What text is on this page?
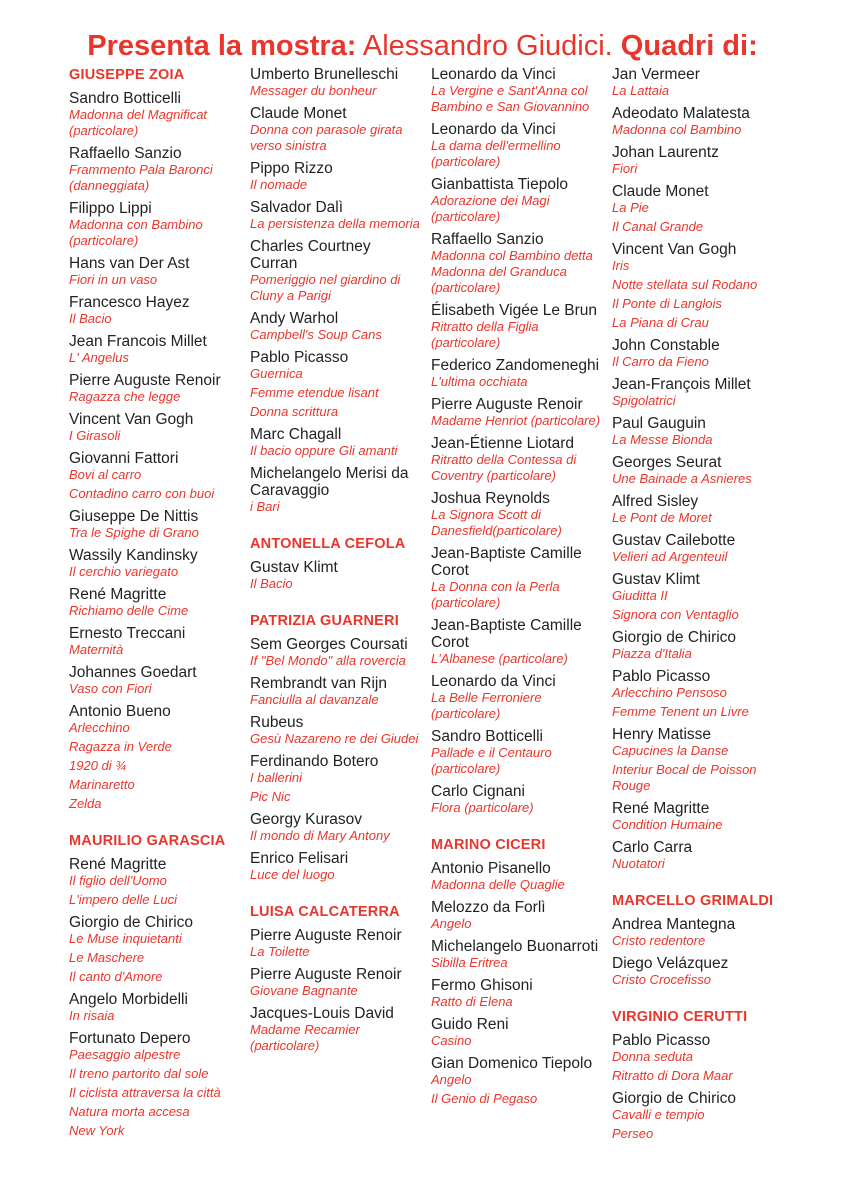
Presenta la mostra: Alessandro Giudici. Quadri di:
GIUSEPPE ZOIA
Sandro Botticelli
Madonna del Magnificat (particolare)
Raffaello Sanzio
Frammento Pala Baronci (danneggiata)
Filippo Lippi
Madonna con Bambino (particolare)
Hans van Der Ast
Fiori in un vaso
Francesco Hayez
Il Bacio
Jean Francois Millet
L' Angelus
Pierre Auguste Renoir
Ragazza che legge
Vincent Van Gogh
I Girasoli
Giovanni Fattori
Bovi al carro
Contadino carro con buoi
Giuseppe De Nittis
Tra le Spighe di Grano
Wassily Kandinsky
Il cerchio variegato
René Magritte
Richiamo delle Cime
Ernesto Treccani
Maternità
Johannes Goedart
Vaso con Fiori
Antonio Bueno
Arlecchino
Ragazza in Verde
1920 di ¾
Marinaretto
Zelda
MAURILIO GARASCIA
René Magritte
Il figlio dell'Uomo
L'impero delle Luci
Giorgio de Chirico
Le Muse inquietanti
Le Maschere
Il canto d'Amore
Angelo Morbidelli
In risaia
Fortunato Depero
Paesaggio alpestre
Il treno partorito dal sole
Il ciclista attraversa la città
Natura morta accesa
New York
Umberto Brunelleschi
Messager du bonheur
Claude Monet
Donna con parasole girata verso sinistra
Pippo Rizzo
Il nomade
Salvador Dalì
La persistenza della memoria
Charles Courtney Curran
Pomeriggio nel giardino di Cluny a Parigi
Andy Warhol
Campbell's Soup Cans
Pablo Picasso
Guernica
Femme etendue lisant
Donna scrittura
Marc Chagall
Il bacio oppure Gli amanti
Michelangelo Merisi da Caravaggio
i Bari
ANTONELLA CEFOLA
Gustav Klimt
Il Bacio
PATRIZIA GUARNERI
Sem Georges Coursati
If "Bel Mondo" alla rovercia
Rembrandt van Rijn
Fanciulla al davanzale
Rubeus
Gesù Nazareno re dei Giudei
Ferdinando Botero
I ballerini
Pic Nic
Georgy Kurasov
Il mondo di Mary Antony
Enrico Felisari
Luce del luogo
LUISA CALCATERRA
Pierre Auguste Renoir
La Toilette
Pierre Auguste Renoir
Giovane Bagnante
Jacques-Louis David
Madame Recamier (particolare)
Leonardo da Vinci
La Vergine e Sant'Anna col Bambino e San Giovannino
Leonardo da Vinci
La dama dell'ermellino (particolare)
Gianbattista Tiepolo
Adorazione dei Magi (particolare)
Raffaello Sanzio
Madonna col Bambino detta Madonna del Granduca (particolare)
Élisabeth Vigée Le Brun
Ritratto della Figlia (particolare)
Federico Zandomeneghi
L'ultima occhiata
Pierre Auguste Renoir
Madame Henriot (particolare)
Jean-Étienne Liotard
Ritratto della Contessa di Coventry (particolare)
Joshua Reynolds
La Signora Scott di Danesfield(particolare)
Jean-Baptiste Camille Corot
La Donna con la Perla (particolare)
Jean-Baptiste Camille Corot
L'Albanese (particolare)
Leonardo da Vinci
La Belle Ferroniere (particolare)
Sandro Botticelli
Pallade e il Centauro (particolare)
Carlo Cignani
Flora (particolare)
MARINO CICERI
Antonio Pisanello
Madonna delle Quaglie
Melozzo da Forlì
Angelo
Michelangelo Buonarroti
Sibilla Eritrea
Fermo Ghisoni
Ratto di Elena
Guido Reni
Casino
Gian Domenico Tiepolo
Angelo
Il Genio di Pegaso
Jan Vermeer
La Lattaia
Adeodato Malatesta
Madonna col Bambino
Johan Laurentz
Fiori
Claude Monet
La Pie
Il Canal Grande
Vincent Van Gogh
Iris
Notte stellata sul Rodano
Il Ponte di Langlois
La Piana di Crau
John Constable
Il Carro da Fieno
Jean-François Millet
Spigolatrici
Paul Gauguin
La Messe Bionda
Georges Seurat
Une Bainade a Asnieres
Alfred Sisley
Le Pont de Moret
Gustav Cailebotte
Velieri ad Argenteuil
Gustav Klimt
Giuditta II
Signora con Ventaglio
Giorgio de Chirico
Piazza d'Italia
Pablo Picasso
Arlecchino Pensoso
Femme Tenent un Livre
Henry Matisse
Capucines la Danse
Interiur Bocal de Poisson Rouge
René Magritte
Condition Humaine
Carlo Carra
Nuotatori
MARCELLO GRIMALDI
Andrea Mantegna
Cristo redentore
Diego Velázquez
Cristo Crocefisso
VIRGINIO CERUTTI
Pablo Picasso
Donna seduta
Ritratto di Dora Maar
Giorgio de Chirico
Cavalli e tempio
Perseo
